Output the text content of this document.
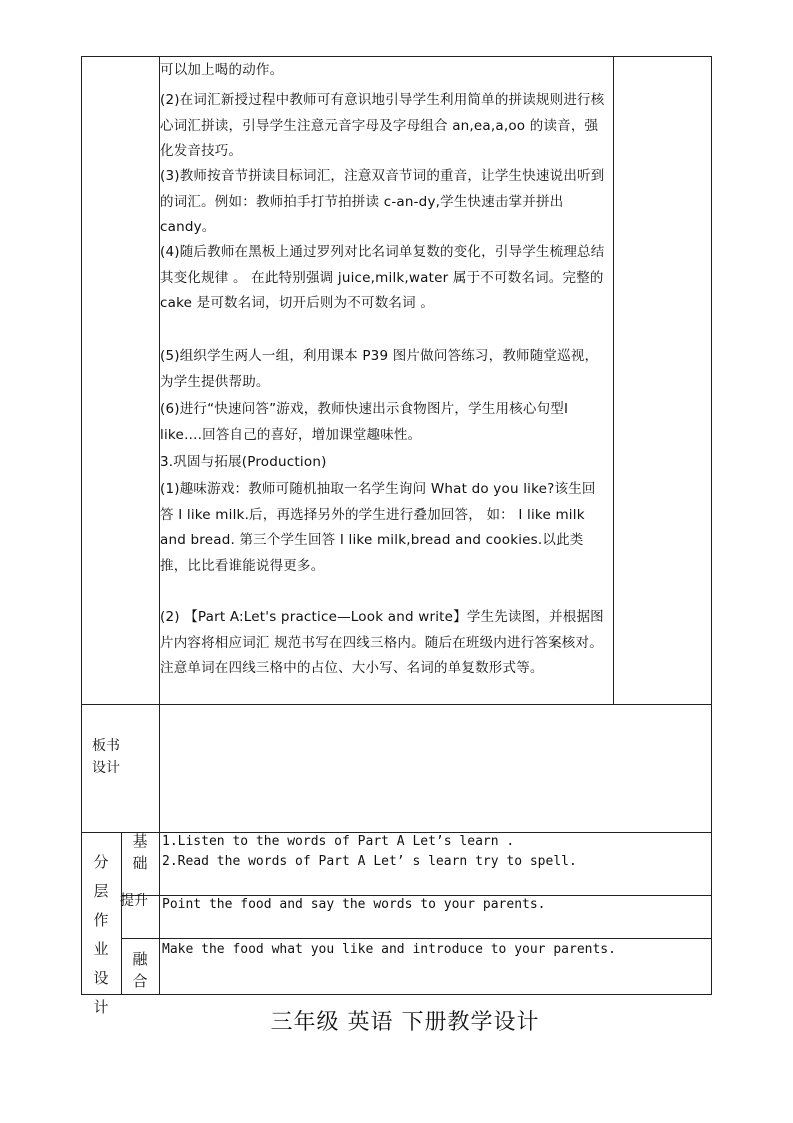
可以加上喝的动作。

(2)在词汇新授过程中教师可有意识地引导学生利用简单的拼读规则进行核心词汇拼读，引导学生注意元音字母及字母组合 an,ea,a,oo 的读音，强化发音技巧。

(3)教师按音节拼读目标词汇，注意双音节词的重音，让学生快速说出听到的词汇。例如：教师拍手打节拍拼读 c-an-dy,学生快速击掌并拼出 candy。

(4)随后教师在黑板上通过罗列对比名词单复数的变化，引导学生梳理总结其变化规律 。 在此特别强调 juice,milk,water 属于不可数名词。完整的 cake 是可数名词，切开后则为不可数名词 。

(5)组织学生两人一组，利用课本 P39 图片做问答练习，教师随堂巡视，为学生提供帮助。

(6)进行“快速问答”游戏，教师快速出示食物图片，学生用核心句型I like….回答自己的喜好，增加课堂趣味性。

3.巩固与拓展(Production)

(1)趣味游戏：教师可随机抽取一名学生询问 What do you like?该生回答 I like milk.后，再选择另外的学生进行叠加回答， 如： I like milk and bread. 第三个学生回答 I like milk,bread and cookies.以此类推，比比看谁能说得更多。

(2) 【Part A:Let's practice—Look and write】学生先读图，并根据图片内容将相应词汇 规范书写在四线三格内。随后在班级内进行答案核对。注意单词在四线三格中的占位、大小写、名词的单复数形式等。

板书设计
分层作业设计
基础
1.Listen to the words of Part A Let’s learn .
2.Read the words of Part A Let’ s learn try to spell.
提升	Point the food and say the words to your parents.
融合
Make the food what you like and introduce to your parents.
三年级 英语 下册教学设计
